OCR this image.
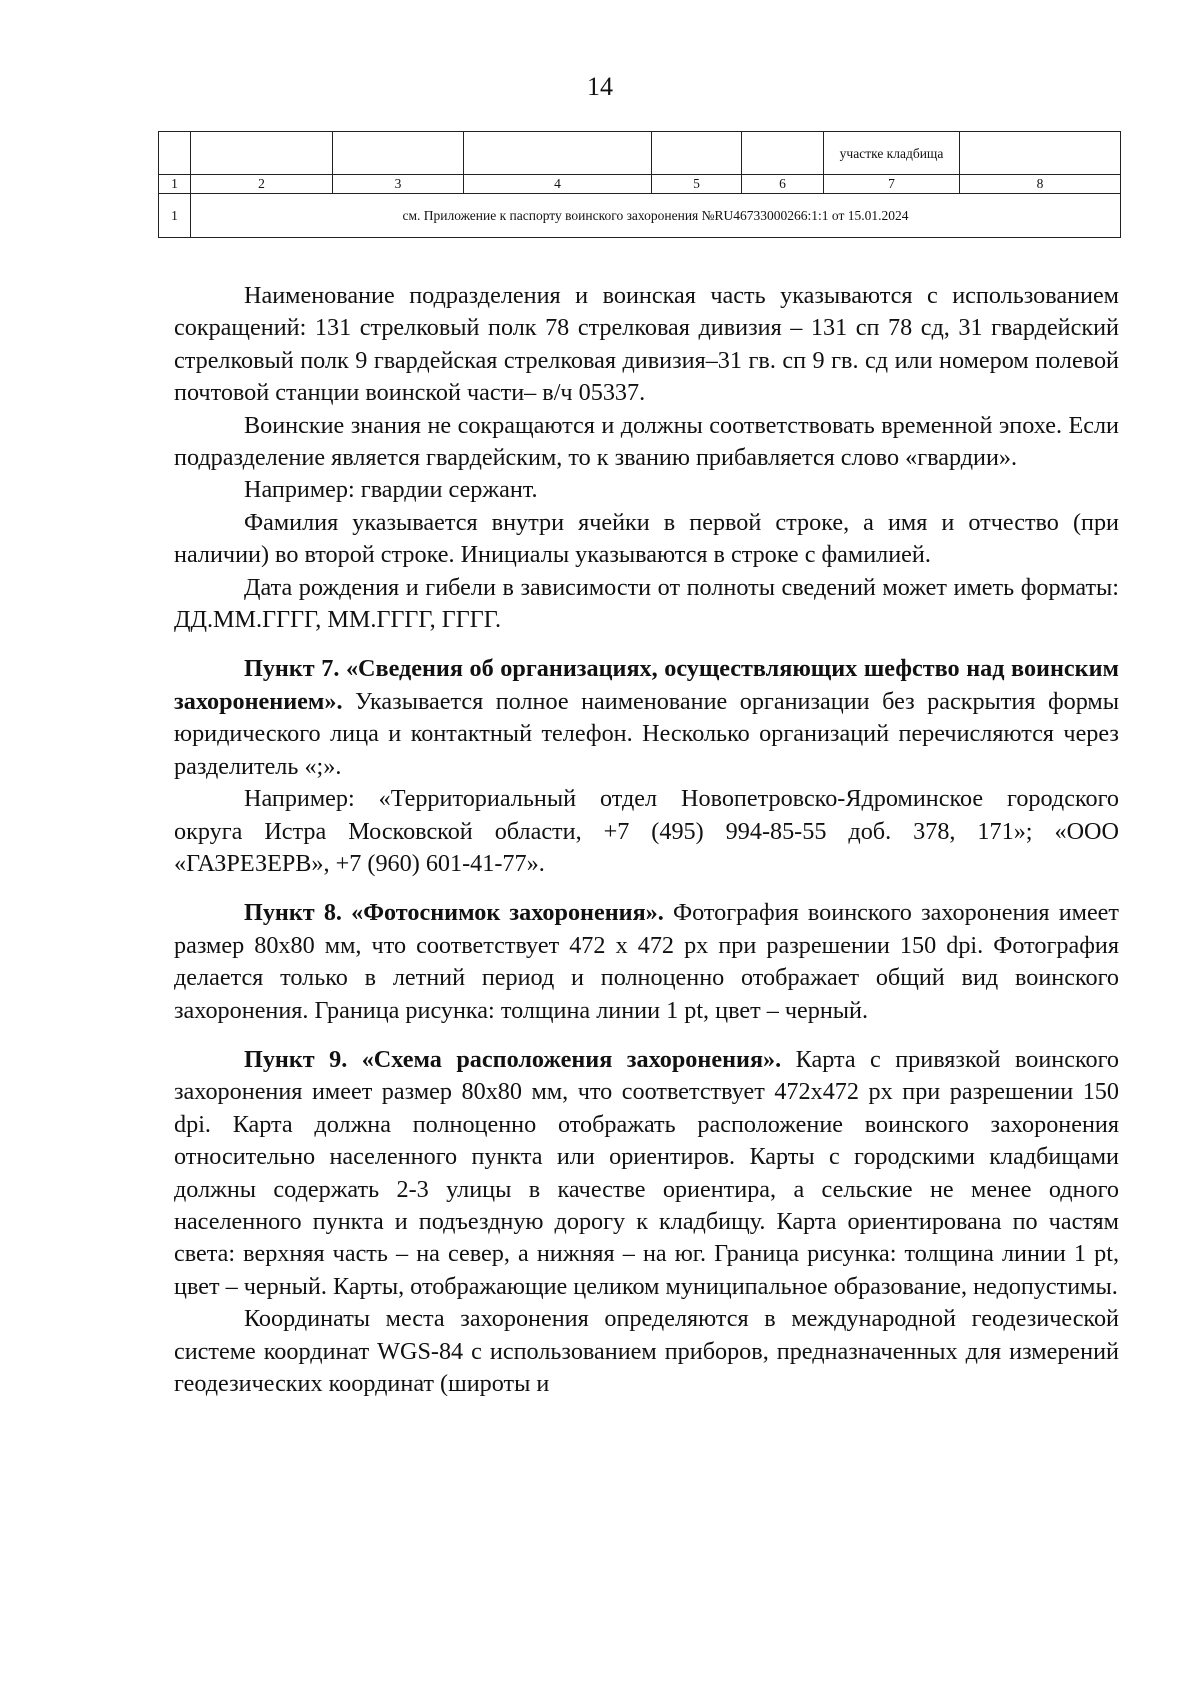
14
						участке кладбища	
1	2	3	4	5	6	7	8
1	см. Приложение к паспорту воинского захоронения №RU46733000266:1:1 от 15.01.2024						

Наименование подразделения и воинская часть указываются с использованием сокращений: 131 стрелковый полк 78 стрелковая дивизия – 131 сп 78 сд, 31 гвардейский стрелковый полк 9 гвардейская стрелковая дивизия–31 гв. сп 9 гв. сд или номером полевой почтовой станции воинской части– в/ч 05337.

Воинские знания не сокращаются и должны соответствовать временной эпохе. Если подразделение является гвардейским, то к званию прибавляется слово «гвардии».

Например: гвардии сержант.

Фамилия указывается внутри ячейки в первой строке, а имя и отчество (при наличии) во второй строке. Инициалы указываются в строке с фамилией.

Дата рождения и гибели в зависимости от полноты сведений может иметь форматы: ДД.ММ.ГГГГ, ММ.ГГГГ, ГГГГ.

Пункт 7. «Сведения об организациях, осуществляющих шефство над воинским захоронением». Указывается полное наименование организации без раскрытия формы юридического лица и контактный телефон. Несколько организаций перечисляются через разделитель «;».

Например: «Территориальный отдел Новопетровско-Ядроминское городского округа Истра Московской области, +7 (495) 994-85-55 доб. 378, 171»; «ООО «ГАЗРЕЗЕРВ», +7 (960) 601-41-77».

Пункт 8. «Фотоснимок захоронения». Фотография воинского захоронения имеет размер 80х80 мм, что соответствует 472 х 472 px при разрешении 150 dpi. Фотография делается только в летний период и полноценно отображает общий вид воинского захоронения. Граница рисунка: толщина линии 1 pt, цвет – черный.

Пункт 9. «Схема расположения захоронения». Карта с привязкой воинского захоронения имеет размер 80х80 мм, что соответствует 472х472 px при разрешении 150 dpi. Карта должна полноценно отображать расположение воинского захоронения относительно населенного пункта или ориентиров. Карты с городскими кладбищами должны содержать 2-3 улицы в качестве ориентира, а сельские не менее одного населенного пункта и подъездную дорогу к кладбищу. Карта ориентирована по частям света: верхняя часть – на север, а нижняя – на юг. Граница рисунка: толщина линии 1 pt, цвет – черный. Карты, отображающие целиком муниципальное образование, недопустимы.

Координаты места захоронения определяются в международной геодезической системе координат WGS-84 с использованием приборов, предназначенных для измерений геодезических координат (широты и
